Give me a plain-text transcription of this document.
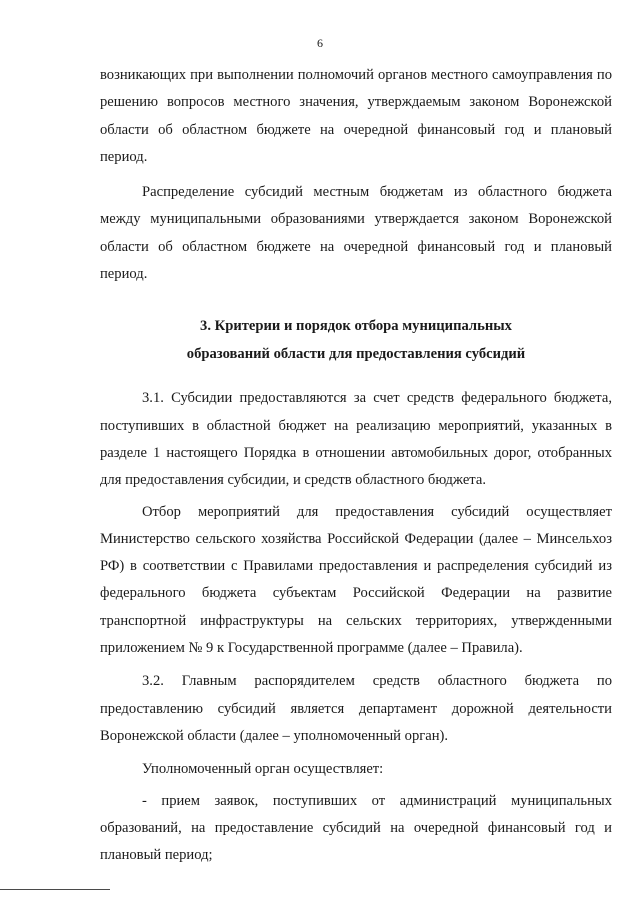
6

возникающих при выполнении полномочий органов местного самоуправления по решению вопросов местного значения, утверждаемым законом Воронежской области об областном бюджете на очередной финансовый год и плановый период.

Распределение субсидий местным бюджетам из областного бюджета между муниципальными образованиями утверждается законом Воронежской области об областном бюджете на очередной финансовый год и плановый период.

3. Критерии и порядок отбора муниципальных
образований области для предоставления субсидий

3.1. Субсидии предоставляются за счет средств федерального бюджета, поступивших в областной бюджет на реализацию мероприятий, указанных в разделе 1 настоящего Порядка в отношении автомобильных дорог, отобранных для предоставления субсидии, и средств областного бюджета.

Отбор мероприятий для предоставления субсидий осуществляет Министерство сельского хозяйства Российской Федерации (далее – Минсельхоз РФ) в соответствии с Правилами предоставления и распределения субсидий из федерального бюджета субъектам Российской Федерации на развитие транспортной инфраструктуры на сельских территориях, утвержденными приложением № 9 к Государственной программе (далее – Правила).

3.2. Главным распорядителем средств областного бюджета по предоставлению субсидий является департамент дорожной деятельности Воронежской области (далее – уполномоченный орган).

Уполномоченный орган осуществляет:

- прием заявок, поступивших от администраций муниципальных образований, на предоставление субсидий на очередной финансовый год и плановый период;
